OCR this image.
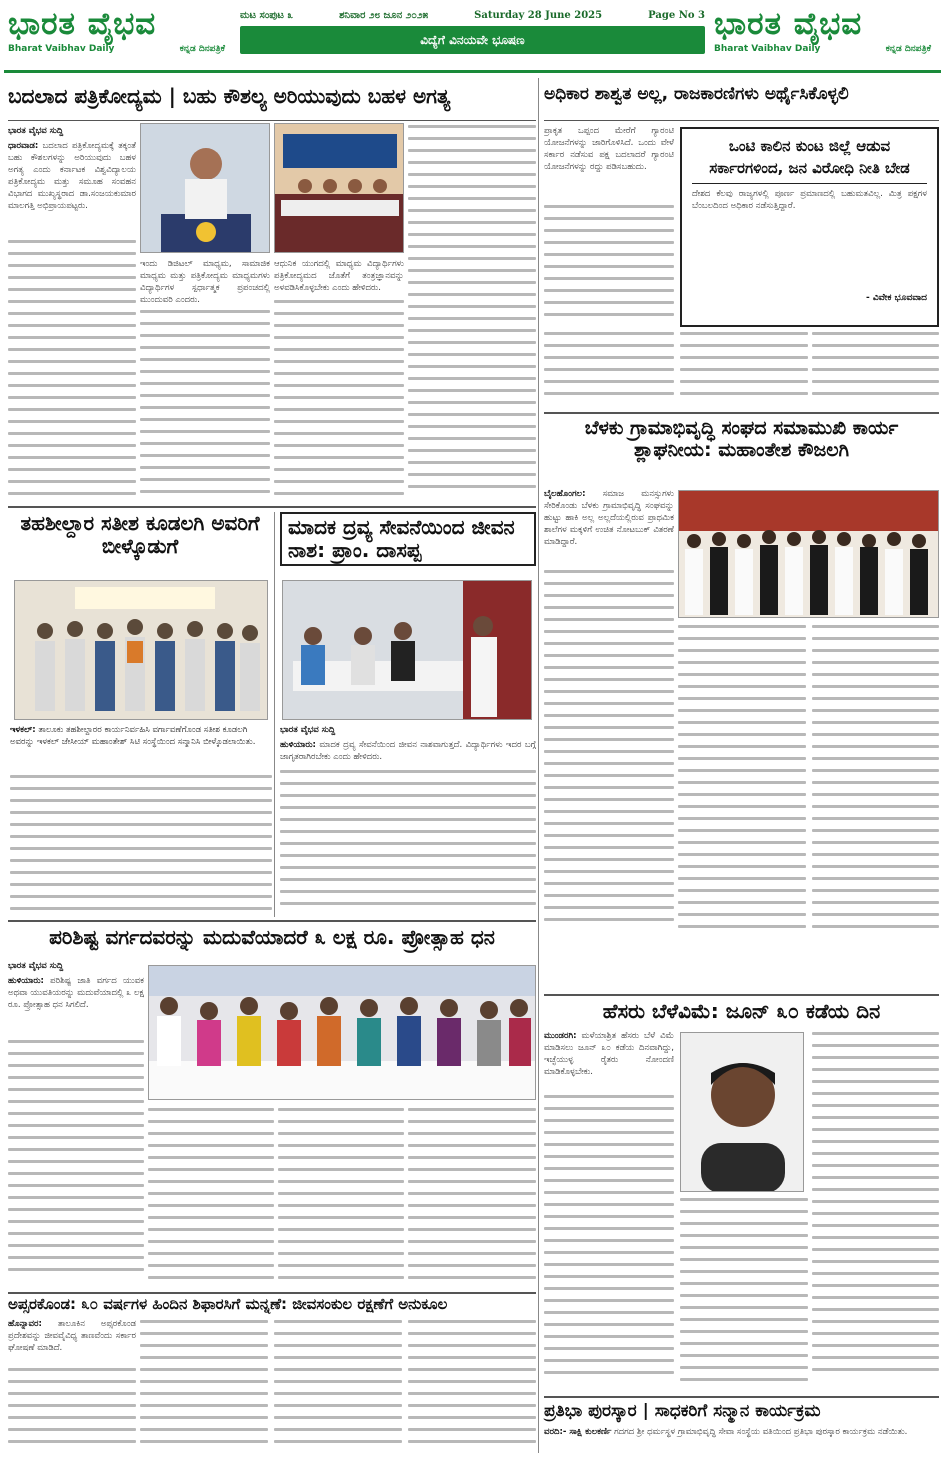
ಭಾರತ ವೈಭವ
Bharat Vaibhav Daily	ಕನ್ನಡ ದಿನಪತ್ರಿಕೆ
ಮಟ ಸಂಪುಟ ೩	ಶನಿವಾರ ೨೮ ಜೂನ ೨೦೨೫	Saturday 28 June 2025	Page No 3
ವಿದ್ಯೆಗೆ ವಿನಯವೇ ಭೂಷಣ	ಭಾರತ ವೈಭವ
Bharat Vaibhav Daily	ಕನ್ನಡ ದಿನಪತ್ರಿಕೆ
ಬದಲಾದ ಪತ್ರಿಕೋದ್ಯಮ | ಬಹು ಕೌಶಲ್ಯ ಅರಿಯುವುದು ಬಹಳ ಅಗತ್ಯ

ಭಾರತ ವೈಭವ ಸುದ್ದಿ

ಧಾರವಾಡ: ಬದಲಾದ ಪತ್ರಿಕೋದ್ಯಮಕ್ಕೆ ತಕ್ಕಂತೆ ಬಹು ಕೌಶಲಗಳನ್ನು ಅರಿಯುವುದು ಬಹಳ ಅಗತ್ಯ ಎಂದು ಕರ್ನಾಟಕ ವಿಶ್ವವಿದ್ಯಾಲಯ ಪತ್ರಿಕೋದ್ಯಮ ಮತ್ತು ಸಮೂಹ ಸಂವಹನ ವಿಭಾಗದ ಮುಖ್ಯಸ್ಥರಾದ ಡಾ.ಸಂಜಯಕುಮಾರ ಮಾಲಗತ್ತಿ ಅಭಿಪ್ರಾಯಪಟ್ಟರು.

ಇಂದು ಡಿಜಿಟಲ್ ಮಾಧ್ಯಮ, ಸಾಮಾಜಿಕ ಮಾಧ್ಯಮ ಮತ್ತು ಪತ್ರಿಕೋದ್ಯಮ ಮಾಧ್ಯಮಗಳು ವಿದ್ಯಾರ್ಥಿಗಳ ಸ್ಪರ್ಧಾತ್ಮಕ ಪ್ರಪಂಚದಲ್ಲಿ ಮುಂದುವರಿ ಎಂದರು.

ಆಧುನಿಕ ಯುಗದಲ್ಲಿ ಮಾಧ್ಯಮ ವಿದ್ಯಾರ್ಥಿಗಳು ಪತ್ರಿಕೋದ್ಯಮದ ಜೊತೆಗೆ ತಂತ್ರಜ್ಞಾನವನ್ನು ಅಳವಡಿಸಿಕೊಳ್ಳಬೇಕು ಎಂದು ಹೇಳಿದರು.

ತಹಶೀಲ್ದಾರ ಸತೀಶ ಕೂಡಲಗಿ ಅವರಿಗೆ ಬೀಳ್ಕೊಡುಗೆ
ಇಳಕಲ್: ತಾಲೂಕು ತಹಶೀಲ್ದಾರರ ಕಾರ್ಯನಿರ್ವಹಿಸಿ ವರ್ಗಾವಣೆಗೊಂಡ ಸತೀಶ ಕೂಡಲಗಿ ಅವರನ್ನು ಇಳಕಲ್ ಜೇಸೀಯ್ ಮಹಾಂತೇಶ್ ಸಿಟಿ ಸಂಸ್ಥೆಯಿಂದ ಸನ್ಮಾನಿಸಿ ಬೀಳ್ಕೊಡಲಾಯಿತು.
ಮಾದಕ ದ್ರವ್ಯ ಸೇವನೆಯಿಂದ ಜೀವನ ನಾಶ: ಪ್ರಾಂ. ದಾಸಪ್ಪ

ಭಾರತ ವೈಭವ ಸುದ್ದಿ

ಹುಳಿಯಾರು: ಮಾದಕ ದ್ರವ್ಯ ಸೇವನೆಯಿಂದ ಜೀವನ ನಾಶವಾಗುತ್ತದೆ. ವಿದ್ಯಾರ್ಥಿಗಳು ಇದರ ಬಗ್ಗೆ ಜಾಗೃತರಾಗಿರಬೇಕು ಎಂದು ಹೇಳಿದರು.

ಪರಿಶಿಷ್ಟ ವರ್ಗದವರನ್ನು ಮದುವೆಯಾದರೆ ೩ ಲಕ್ಷ ರೂ. ಪ್ರೋತ್ಸಾಹ ಧನ

ಭಾರತ ವೈಭವ ಸುದ್ದಿ

ಹುಳಿಯಾರು: ಪರಿಶಿಷ್ಟ ಜಾತಿ ವರ್ಗದ ಯುವಕ ಅಥವಾ ಯುವತಿಯರನ್ನು ಮದುವೆಯಾದಲ್ಲಿ ೩ ಲಕ್ಷ ರೂ. ಪ್ರೋತ್ಸಾಹ ಧನ ಸಿಗಲಿದೆ.

ಅಪ್ಸರಕೊಂಡ: ೩೦ ವರ್ಷಗಳ ಹಿಂದಿನ ಶಿಫಾರಸಿಗೆ ಮನ್ನಣೆ: ಜೀವಸಂಕುಲ ರಕ್ಷಣೆಗೆ ಅನುಕೂಲ

ಹೊನ್ನಾವರ: ತಾಲೂಕಿನ ಅಪ್ಸರಕೊಂಡ ಪ್ರದೇಶವನ್ನು ಜೀವವೈವಿಧ್ಯ ತಾಣವೆಂದು ಸರ್ಕಾರ ಘೋಷಣೆ ಮಾಡಿದೆ.

ಅಧಿಕಾರ ಶಾಶ್ವತ ಅಲ್ಲ, ರಾಜಕಾರಣಿಗಳು ಅರ್ಥೈಸಿಕೊಳ್ಳಲಿ

ಪ್ರಾಕೃತ ಒಪ್ಪಂದ ಮೇರೆಗೆ ಗ್ಯಾರಂಟಿ ಯೋಜನೆಗಳನ್ನು ಜಾರಿಗೊಳಿಸಿದೆ. ಒಂದು ವೇಳೆ ಸರ್ಕಾರ ನಡೆಸುವ ಪಕ್ಷ ಬದಲಾದರೆ ಗ್ಯಾರಂಟಿ ಯೋಜನೆಗಳನ್ನು ರದ್ದು ಪಡಿಸಬಹುದು.

ಒಂಟಿ ಕಾಲಿನ ಕುಂಟ ಜಿಲ್ಲೆ ಆಡುವ ಸರ್ಕಾರಗಳಿಂದ, ಜನ ವಿರೋಧಿ ನೀತಿ ಬೇಡ
ದೇಶದ ಕೆಲವು ರಾಜ್ಯಗಳಲ್ಲಿ ಪೂರ್ಣ ಪ್ರಮಾಣದಲ್ಲಿ ಬಹುಮತವಿಲ್ಲ. ಮಿತ್ರ ಪಕ್ಷಗಳ ಬೆಂಬಲದಿಂದ ಅಧಿಕಾರ ನಡೆಸುತ್ತಿದ್ದಾರೆ.
- ವಿವೇಕ ಭೂವವಾದ
ಬೆಳಕು ಗ್ರಾಮಾಭಿವೃದ್ಧಿ ಸಂಘದ ಸಮಾಮುಖಿ ಕಾರ್ಯ ಶ್ಲಾಘನೀಯ: ಮಹಾಂತೇಶ ಕೌಜಲಗಿ

ಬೈಲಹೊಂಗಲ: ಸಮಾಜ ಮನಸ್ಸುಗಳು ಸೇರಿಕೊಂಡು ಬೆಳಕು ಗ್ರಾಮಾಭಿವೃದ್ಧಿ ಸಂಘವನ್ನು ಹುಟ್ಟು ಹಾಕಿ ಅಲ್ಲ ಅಲ್ಲದೆಯಲ್ಲಿರುವ ಪ್ರಾಥಮಿಕ ಶಾಲೆಗಳ ಮಕ್ಕಳಿಗೆ ಉಚಿತ ನೋಟಬುಕ್ ವಿತರಣೆ ಮಾಡಿದ್ದಾರೆ.

ಹೆಸರು ಬೆಳೆವಿಮೆ: ಜೂನ್ ೩೦ ಕಡೆಯ ದಿನ

ಮುಂಡರಗಿ: ಮಳೆಯಾಶ್ರಿತ ಹೆಸರು ಬೆಳೆ ವಿಮೆ ಮಾಡಿಸಲು ಜೂನ್ ೩೦ ಕಡೆಯ ದಿನವಾಗಿದ್ದು, ಇಚ್ಛೆಯುಳ್ಳ ರೈತರು ನೋಂದಣಿ ಮಾಡಿಕೊಳ್ಳಬೇಕು.

ಪ್ರತಿಭಾ ಪುರಸ್ಕಾರ | ಸಾಧಕರಿಗೆ ಸನ್ಮಾನ ಕಾರ್ಯಕ್ರಮ

ವರದಿ:- ಸಾಕ್ಷಿ ಕುಲಕರ್ಣಿ ಗದಗದ ಶ್ರೀ ಧರ್ಮಸ್ಥಳ ಗ್ರಾಮಾಭಿವೃದ್ಧಿ ಸೇವಾ ಸಂಸ್ಥೆಯ ವತಿಯಿಂದ ಪ್ರತಿಭಾ ಪುರಸ್ಕಾರ ಕಾರ್ಯಕ್ರಮ ನಡೆಯಿತು.
